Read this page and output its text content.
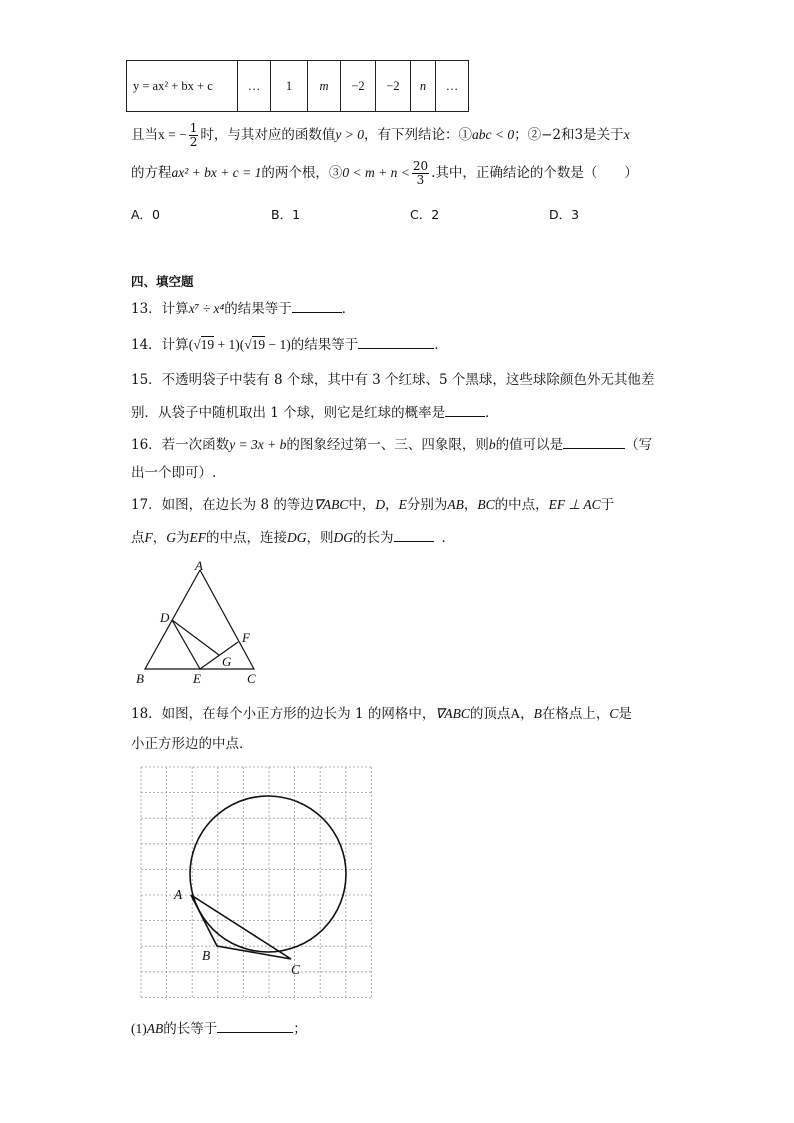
y = ax² + bx + c	…	1	m	−2	−2	n	…
且当x = − $\frac{1}{2}$ 时，与其对应的函数值y > 0，有下列结论：①abc < 0；②−2和3是关于x
的方程ax² + bx + c = 1的两个根，③0 < $m + n < \frac{20}{3}$ .其中，正确结论的个数是（　　）
A．0	B．1	C．2	D．3
四、填空题
13．计算x⁷ ÷ x⁴的结果等于	．
14．计算(√19 + 1)(√19 − 1)的结果等于	．
15．不透明袋子中装有 8 个球，其中有 3 个红球、5 个黑球，这些球除颜色外无其他差
别．从袋子中随机取出 1 个球，则它是红球的概率是	．
16．若一次函数y = 3x + b的图象经过第一、三、四象限，则b的值可以是	（写
出一个即可）.
17．如图，在边长为 8 的等边∇ABC中，D，E分别为AB，BC的中点，EF ⊥ AC于
点F，G为EF的中点，连接DG，则DG的长为	．
A
D
F
G
B	E	C
18．如图，在每个小正方形的边长为 1 的网格中，∇ABC的顶点A，B在格点上，C是
小正方形边的中点．
A
B
C
(1)AB的长等于	；
